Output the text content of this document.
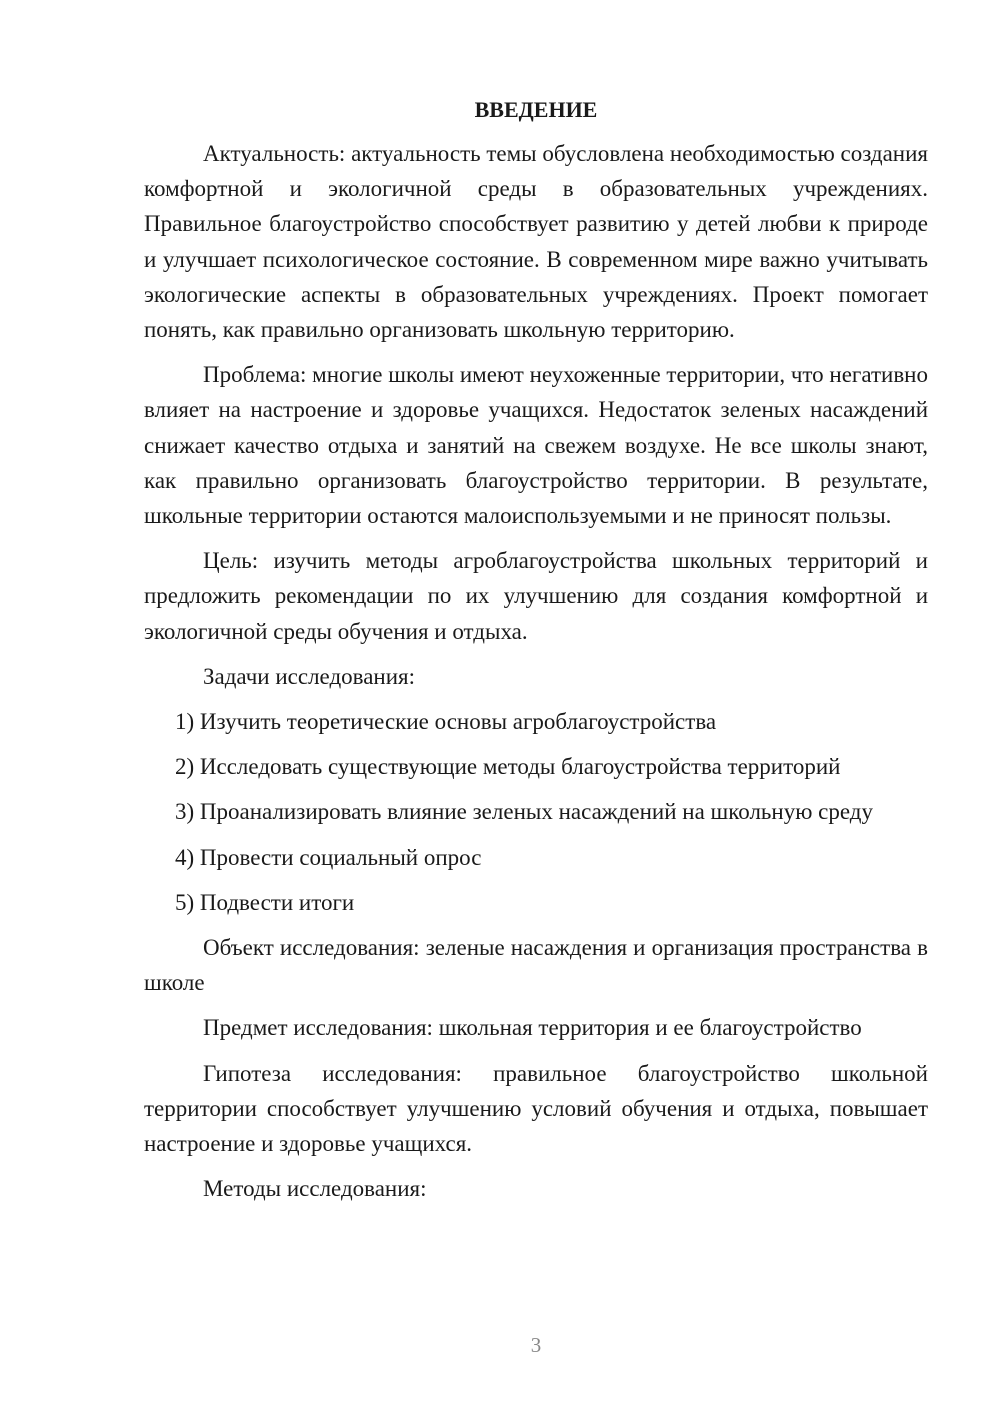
ВВЕДЕНИЕ

Актуальность: актуальность темы обусловлена необходимостью создания комфортной и экологичной среды в образовательных учреждениях. Правильное благоустройство способствует развитию у детей любви к природе и улучшает психологическое состояние. В современном мире важно учитывать экологические аспекты в образовательных учреждениях. Проект помогает понять, как правильно организовать школьную территорию.

Проблема: многие школы имеют неухоженные территории, что негативно влияет на настроение и здоровье учащихся. Недостаток зеленых насаждений снижает качество отдыха и занятий на свежем воздухе. Не все школы знают, как правильно организовать благоустройство территории. В результате, школьные территории остаются малоиспользуемыми и не приносят пользы.

Цель: изучить методы агроблагоустройства школьных территорий и предложить рекомендации по их улучшению для создания комфортной и экологичной среды обучения и отдыха.

Задачи исследования:

1) Изучить теоретические основы агроблагоустройства
2) Исследовать существующие методы благоустройства территорий
3) Проанализировать влияние зеленых насаждений на школьную среду
4) Провести социальный опрос
5) Подвести итоги

Объект исследования: зеленые насаждения и организация пространства в школе

Предмет исследования: школьная территория и ее благоустройство

Гипотеза исследования: правильное благоустройство школьной территории способствует улучшению условий обучения и отдыха, повышает настроение и здоровье учащихся.

Методы исследования:

3
